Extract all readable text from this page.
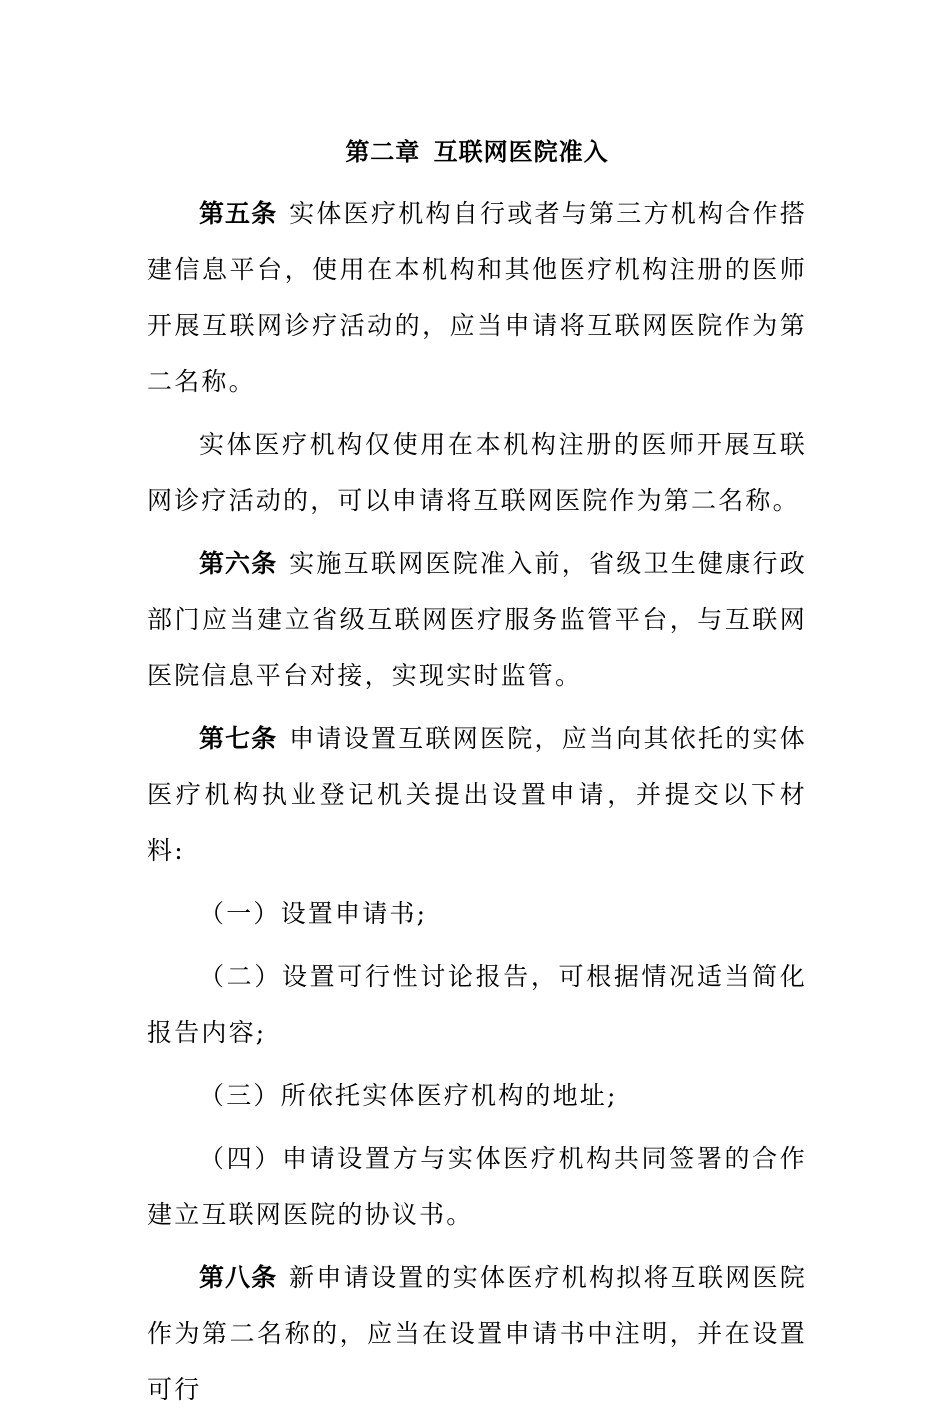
第二章 互联网医院准入

第五条 实体医疗机构自行或者与第三方机构合作搭建信息平台，使用在本机构和其他医疗机构注册的医师开展互联网诊疗活动的，应当申请将互联网医院作为第二名称。

实体医疗机构仅使用在本机构注册的医师开展互联网诊疗活动的，可以申请将互联网医院作为第二名称。

第六条 实施互联网医院准入前，省级卫生健康行政部门应当建立省级互联网医疗服务监管平台，与互联网医院信息平台对接，实现实时监管。

第七条 申请设置互联网医院，应当向其依托的实体医疗机构执业登记机关提出设置申请，并提交以下材料:

（一）设置申请书;

（二）设置可行性讨论报告，可根据情况适当简化报告内容;

（三）所依托实体医疗机构的地址;

（四）申请设置方与实体医疗机构共同签署的合作建立互联网医院的协议书。

第八条 新申请设置的实体医疗机构拟将互联网医院作为第二名称的，应当在设置申请书中注明，并在设置可行
